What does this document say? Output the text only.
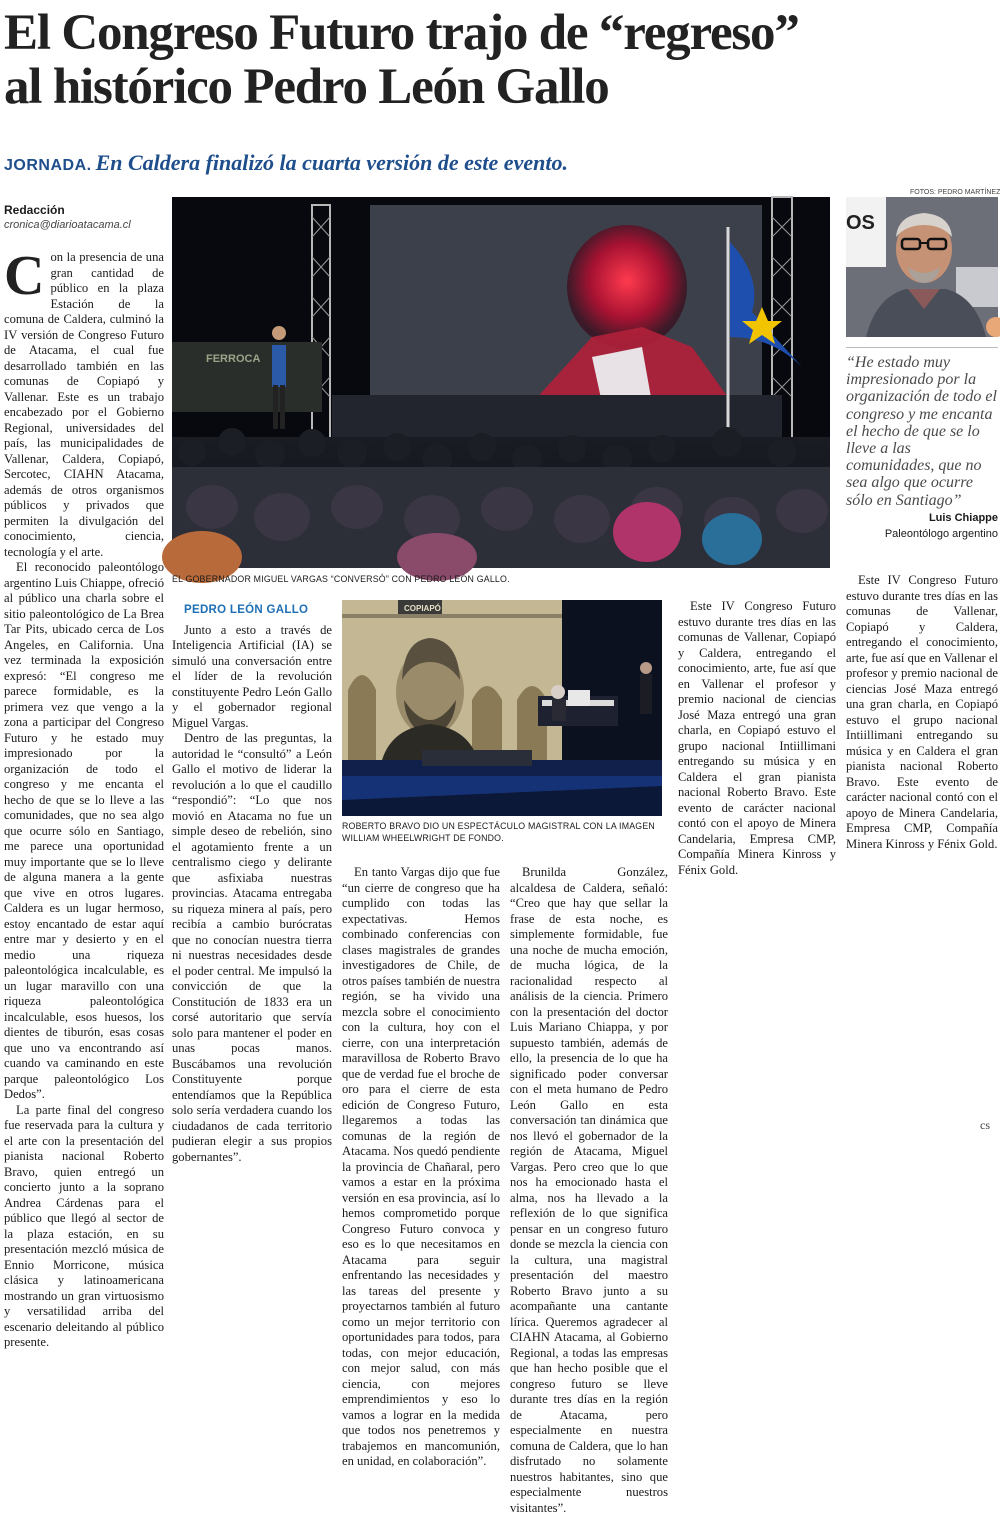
El Congreso Futuro trajo de “regreso”
al histórico Pedro León Gallo
JORNADA. En Caldera finalizó la cuarta versión de este evento.
FOTOS: PEDRO MARTÍNEZ
Redacción
cronica@diarioatacama.cl
FERROCA
EL GOBERNADOR MIGUEL VARGAS “CONVERSÓ” CON PEDRO LEÓN GALLO.
OS
“He estado muy impresionado por la organización de todo el congreso y me encanta el hecho de que se lo lleve a las comunidades, que no sea algo que ocurre sólo en Santiago”
Luis Chiappe
Paleontólogo argentino
COPIAPÓ
ROBERTO BRAVO DIO UN ESPECTÁCULO MAGISTRAL CON LA IMAGEN WILLIAM WHEELWRIGHT DE FONDO.
C on la presencia de una gran cantidad de público en la plaza Estación de la comuna de Caldera, culminó la IV versión de Congreso Futuro de Atacama, el cual fue desarrollado también en las comunas de Copiapó y Vallenar. Este es un trabajo encabezado por el Gobierno Regional, universidades del país, las municipalidades de Vallenar, Caldera, Copiapó, Sercotec, CIAHN Atacama, además de otros organismos públicos y privados que permiten la divulgación del conocimiento, ciencia, tecnología y el arte.

El reconocido paleontólogo argentino Luis Chiappe, ofreció al público una charla sobre el sitio paleontológico de La Brea Tar Pits, ubicado cerca de Los Angeles, en California. Una vez terminada la exposición expresó: “El congreso me parece formidable, es la primera vez que vengo a la zona a participar del Congreso Futuro y he estado muy impresionado por la organización de todo el congreso y me encanta el hecho de que se lo lleve a las comunidades, que no sea algo que ocurre sólo en Santiago, me parece una oportunidad muy importante que se lo lleve de alguna manera a la gente que vive en otros lugares. Caldera es un lugar hermoso, estoy encantado de estar aquí entre mar y desierto y en el medio una riqueza paleontológica incalculable, es un lugar maravillo con una riqueza paleontológica incalculable, esos huesos, los dientes de tiburón, esas cosas que uno va encontrando así cuando va caminando en este parque paleontológico Los Dedos”.

La parte final del congreso fue reservada para la cultura y el arte con la presentación del pianista nacional Roberto Bravo, quien entregó un concierto junto a la soprano Andrea Cárdenas para el público que llegó al sector de la plaza estación, en su presentación mezcló música de Ennio Morricone, música clásica y latinoamericana mostrando un gran virtuosismo y versatilidad arriba del escenario deleitando al público presente.

PEDRO LEÓN GALLO

Junto a esto a través de Inteligencia Artificial (IA) se simuló una conversación entre el líder de la revolución constituyente Pedro León Gallo y el gobernador regional Miguel Vargas.

Dentro de las preguntas, la autoridad le “consultó” a León Gallo el motivo de liderar la revolución a lo que el caudillo “respondió”: “Lo que nos movió en Atacama no fue un simple deseo de rebelión, sino el agotamiento frente a un centralismo ciego y delirante que asfixiaba nuestras provincias. Atacama entregaba su riqueza minera al país, pero recibía a cambio burócratas que no conocían nuestra tierra ni nuestras necesidades desde el poder central. Me impulsó la convicción de que la Constitución de 1833 era un corsé autoritario que servía solo para mantener el poder en unas pocas manos. Buscábamos una revolución Constituyente porque entendíamos que la República solo sería verdadera cuando los ciudadanos de cada territorio pudieran elegir a sus propios gobernantes”.

En tanto Vargas dijo que fue “un cierre de congreso que ha cumplido con todas las expectativas. Hemos combinado conferencias con clases magistrales de grandes investigadores de Chile, de otros países también de nuestra región, se ha vivido una mezcla sobre el conocimiento con la cultura, hoy con el cierre, con una interpretación maravillosa de Roberto Bravo que de verdad fue el broche de oro para el cierre de esta edición de Congreso Futuro, llegaremos a todas las comunas de la región de Atacama. Nos quedó pendiente la provincia de Chañaral, pero vamos a estar en la próxima versión en esa provincia, así lo hemos comprometido porque Congreso Futuro convoca y eso es lo que necesitamos en Atacama para seguir enfrentando las necesidades y las tareas del presente y proyectarnos también al futuro como un mejor territorio con oportunidades para todos, para todas, con mejor educación, con mejor salud, con más ciencia, con mejores emprendimientos y eso lo vamos a lograr en la medida que todos nos penetremos y trabajemos en mancomunión, en unidad, en colaboración”.

Brunilda González, alcaldesa de Caldera, señaló: “Creo que hay que sellar la frase de esta noche, es simplemente formidable, fue una noche de mucha emoción, de mucha lógica, de la racionalidad respecto al análisis de la ciencia. Primero con la presentación del doctor Luis Mariano Chiappa, y por supuesto también, además de ello, la presencia de lo que ha significado poder conversar con el meta humano de Pedro León Gallo en esta conversación tan dinámica que nos llevó el gobernador de la región de Atacama, Miguel Vargas. Pero creo que lo que nos ha emocionado hasta el alma, nos ha llevado a la reflexión de lo que significa pensar en un congreso futuro donde se mezcla la ciencia con la cultura, una magistral presentación del maestro Roberto Bravo junto a su acompañante una cantante lírica. Queremos agradecer al CIAHN Atacama, al Gobierno Regional, a todas las empresas que han hecho posible que el congreso futuro se lleve durante tres días en la región de Atacama, pero especialmente en nuestra comuna de Caldera, que lo han disfrutado no solamente nuestros habitantes, sino que especialmente nuestros visitantes”.

Este IV Congreso Futuro estuvo durante tres días en las comunas de Vallenar, Copiapó y Caldera, entregando el conocimiento, arte, fue así que en Vallenar el profesor y premio nacional de ciencias José Maza entregó una gran charla, en Copiapó estuvo el grupo nacional Intiillimani entregando su música y en Caldera el gran pianista nacional Roberto Bravo. Este evento de carácter nacional contó con el apoyo de Minera Candelaria, Empresa CMP, Compañía Minera Kinross y Fénix Gold.

Este IV Congreso Futuro estuvo durante tres días en las comunas de Vallenar, Copiapó y Caldera, entregando el conocimiento, arte, fue así que en Vallenar el profesor y premio nacional de ciencias José Maza entregó una gran charla, en Copiapó estuvo el grupo nacional Intiillimani entregando su música y en Caldera el gran pianista nacional Roberto Bravo. Este evento de carácter nacional contó con el apoyo de Minera Candelaria, Empresa CMP, Compañía Minera Kinross y Fénix Gold.

cs
